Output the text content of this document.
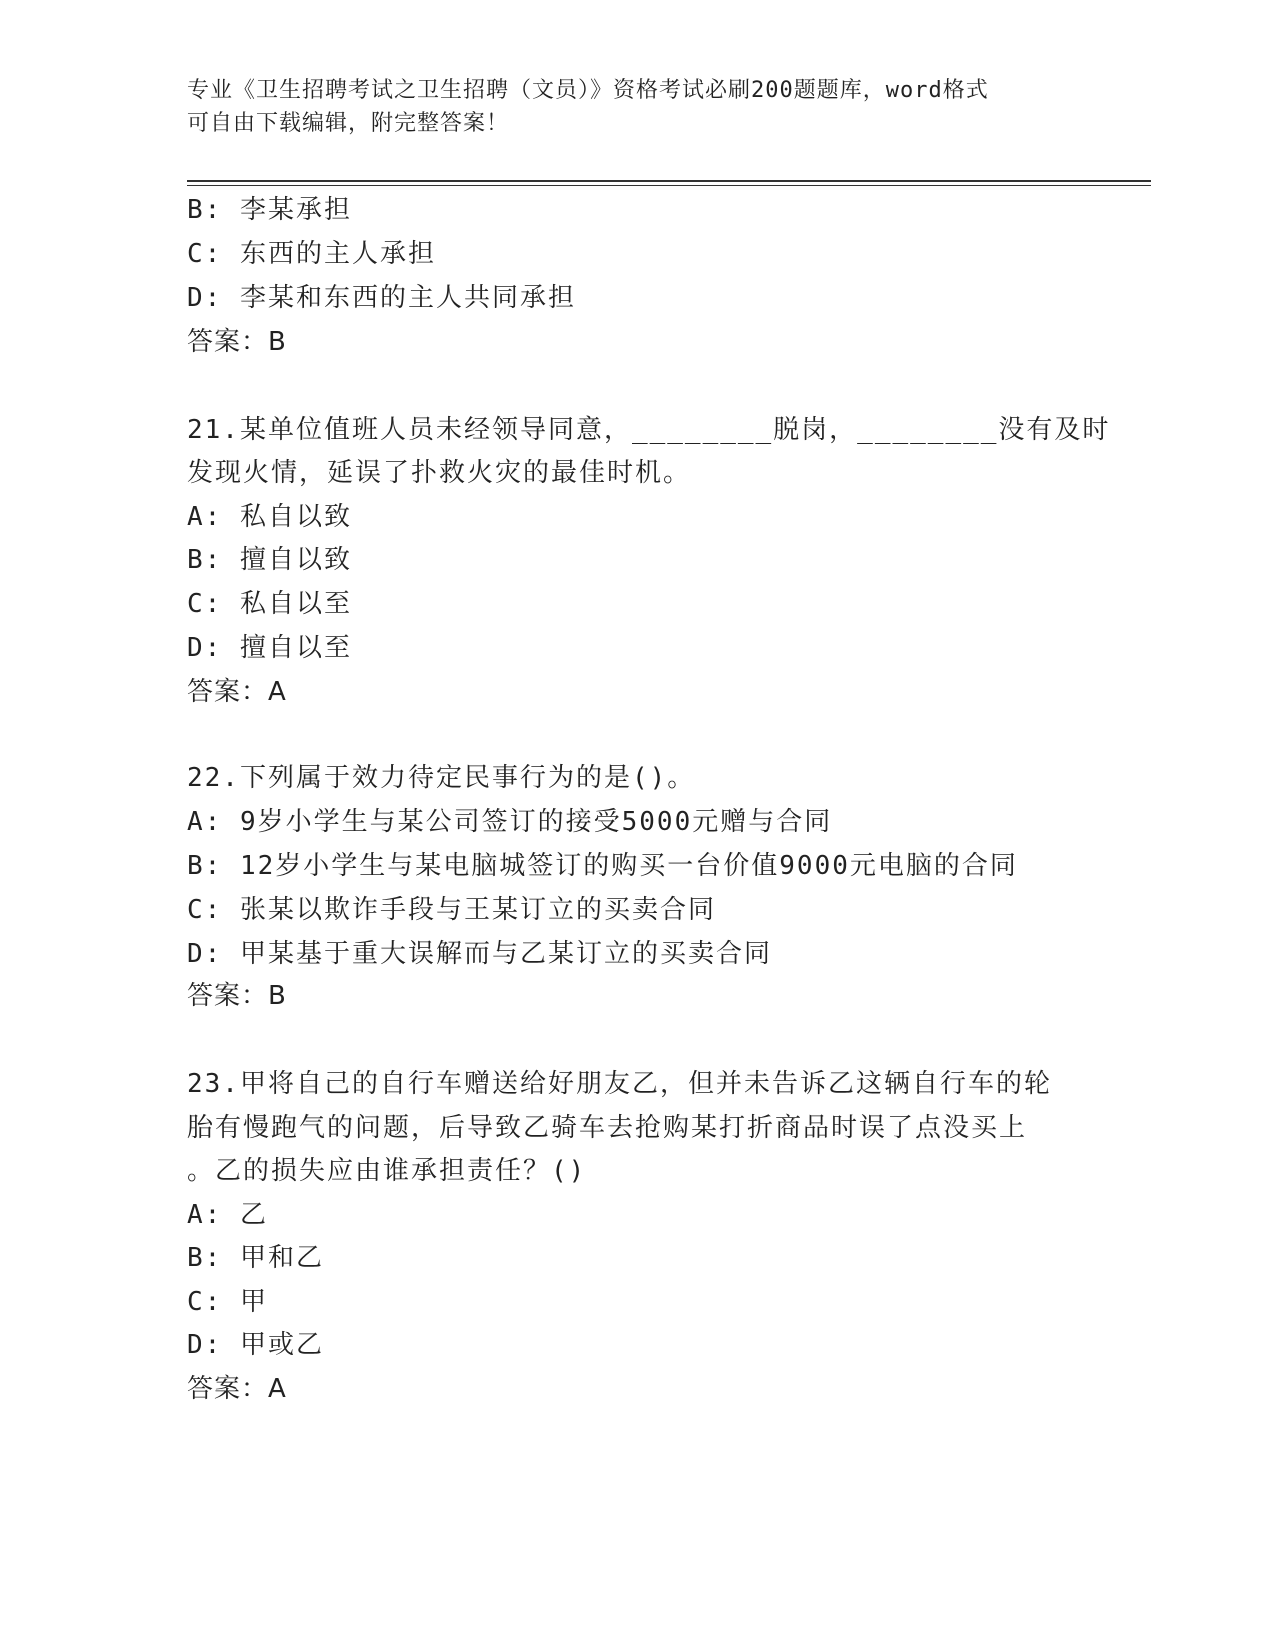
专业《卫生招聘考试之卫生招聘（文员）》资格考试必刷200题题库，word格式
可自由下载编辑，附完整答案！
B: 李某承担
C: 东西的主人承担
D: 李某和东西的主人共同承担
答案：B
21.某单位值班人员未经领导同意，________脱岗，________没有及时
发现火情，延误了扑救火灾的最佳时机。
A: 私自以致
B: 擅自以致
C: 私自以至
D: 擅自以至
答案：A
22.下列属于效力待定民事行为的是()。
A: 9岁小学生与某公司签订的接受5000元赠与合同
B: 12岁小学生与某电脑城签订的购买一台价值9000元电脑的合同
C: 张某以欺诈手段与王某订立的买卖合同
D: 甲某基于重大误解而与乙某订立的买卖合同
答案：B
23.甲将自己的自行车赠送给好朋友乙，但并未告诉乙这辆自行车的轮
胎有慢跑气的问题，后导致乙骑车去抢购某打折商品时误了点没买上
。乙的损失应由谁承担责任？()
A: 乙
B: 甲和乙
C: 甲
D: 甲或乙
答案：A
